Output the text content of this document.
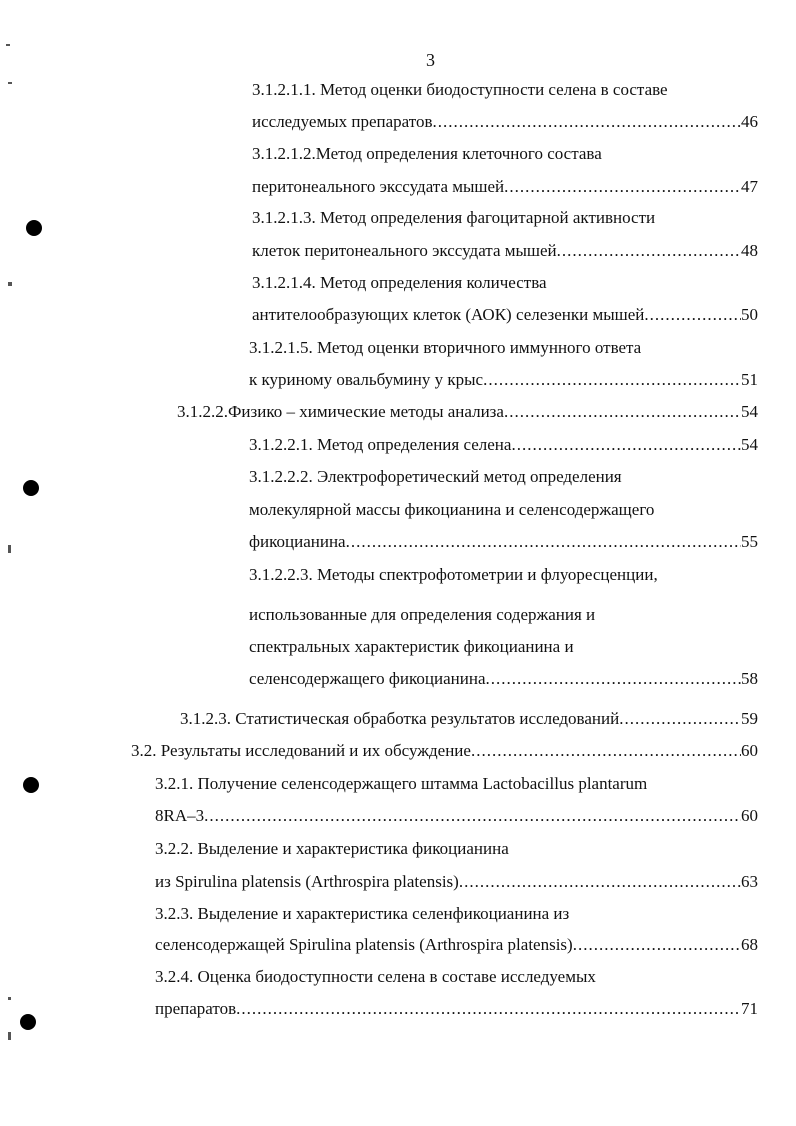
3
3.1.2.1.1. Метод оценки биодоступности селена в составе
исследуемых препаратов .....	46
3.1.2.1.2.Метод определения клеточного состава
перитонеального экссудата мышей .....	47
3.1.2.1.3. Метод определения фагоцитарной активности
клеток перитонеального экссудата мышей .....	48
3.1.2.1.4. Метод определения количества
антителообразующих клеток (АОК) селезенки мышей .....	50
3.1.2.1.5. Метод оценки вторичного иммунного ответа
к куриному овальбумину у крыс .....	51
3.1.2.2.Физико – химические методы анализа .....	54
3.1.2.2.1. Метод определения селена .....	54
3.1.2.2.2. Электрофоретический метод определения
молекулярной массы фикоцианина и селенсодержащего
фикоцианина .....	55
3.1.2.2.3. Методы спектрофотометрии и флуоресценции,
использованные для определения содержания и
спектральных характеристик фикоцианина и
селенсодержащего фикоцианина .....	58
3.1.2.3. Статистическая обработка результатов исследований .....	59
3.2. Результаты исследований и их обсуждение .....	60
3.2.1. Получение селенсодержащего штамма Lactobacillus plantarum
8RA–3 .....	60
3.2.2. Выделение и характеристика фикоцианина
из Spirulina platensis (Arthrospira platensis) .....	63
3.2.3. Выделение и характеристика селенфикоцианина из
селенсодержащей Spirulina platensis (Arthrospira platensis) .....	68
3.2.4. Оценка биодоступности селена в составе исследуемых
препаратов .....	71
